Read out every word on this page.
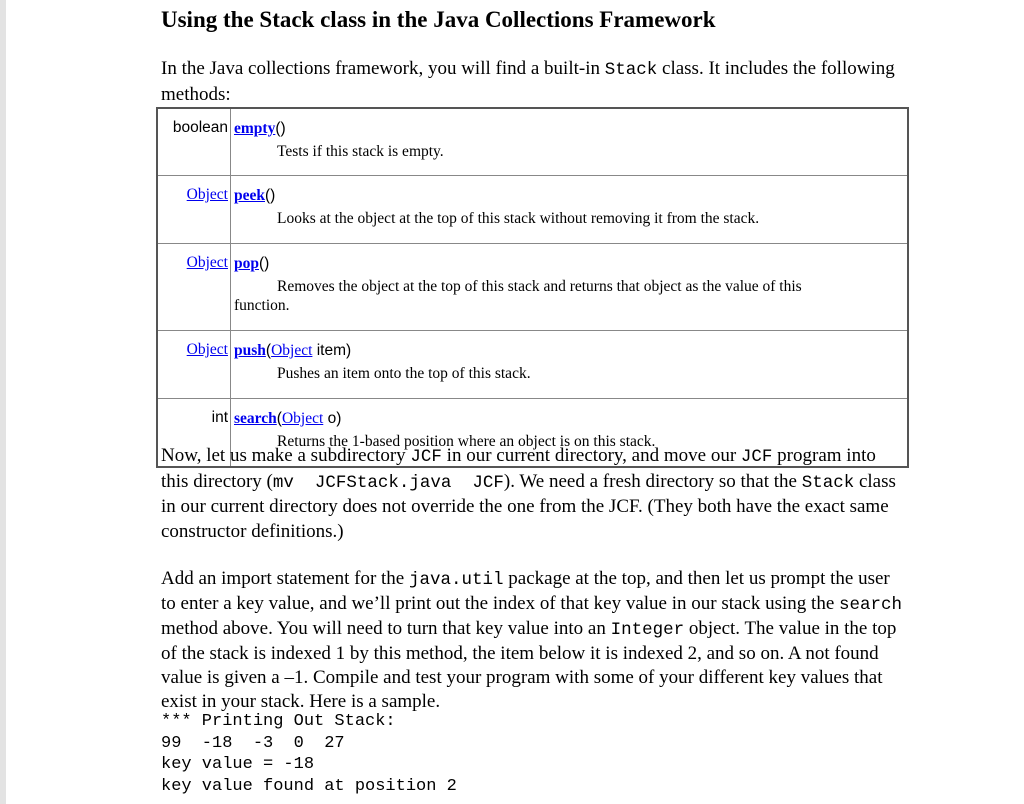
Using the Stack class in the Java Collections Framework

In the Java collections framework, you will find a built-in Stack class. It includes the following methods:

boolean	empty()
Tests if this stack is empty.

Object	peek()
Looks at the object at the top of this stack without removing it from the stack.

Object	pop()
Removes the object at the top of this stack and returns that object as the value of this
function.

Object	push(Object item)
Pushes an item onto the top of this stack.

int	search(Object o)
Returns the 1-based position where an object is on this stack.

Now, let us make a subdirectory JCF in our current directory, and move our JCF program into this directory (mv  JCFStack.java  JCF). We need a fresh directory so that the Stack class in our current directory does not override the one from the JCF. (They both have the exact same constructor definitions.)

Add an import statement for the java.util package at the top, and then let us prompt the user to enter a key value, and we’ll print out the index of that key value in our stack using the search method above. You will need to turn that key value into an Integer object. The value in the top of the stack is indexed 1 by this method, the item below it is indexed 2, and so on. A not found value is given a –1. Compile and test your program with some of your different key values that exist in your stack. Here is a sample.

*** Printing Out Stack:
99  -18  -3  0  27
key value = -18
key value found at position 2
